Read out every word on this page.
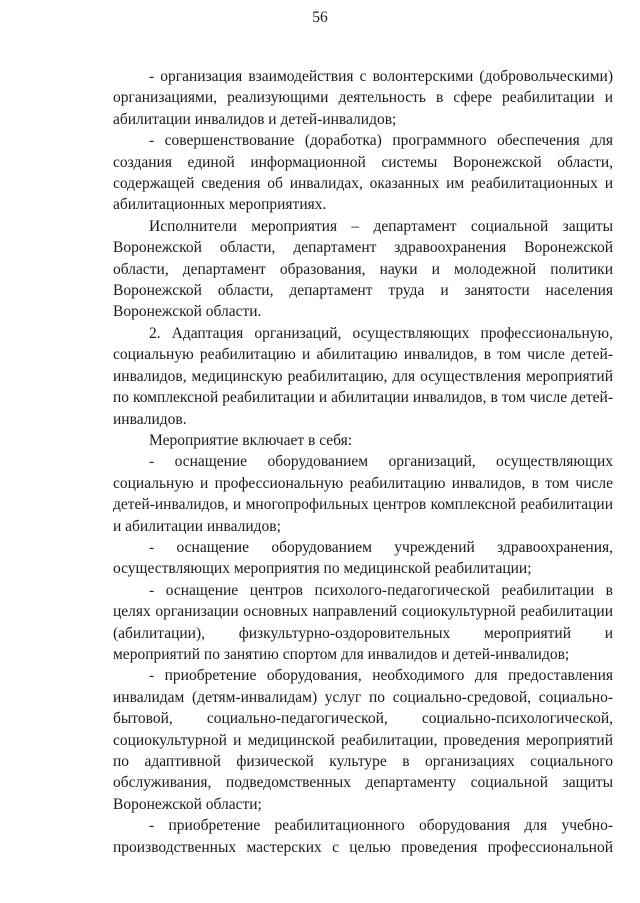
56

- организация взаимодействия с волонтерскими (добровольческими) организациями, реализующими деятельность в сфере реабилитации и абилитации инвалидов и детей-инвалидов;

- совершенствование (доработка) программного обеспечения для создания единой информационной системы Воронежской области, содержащей сведения об инвалидах, оказанных им реабилитационных и абилитационных мероприятиях.

Исполнители мероприятия – департамент социальной защиты Воронежской области, департамент здравоохранения Воронежской области, департамент образования, науки и молодежной политики Воронежской области, департамент труда и занятости населения Воронежской области.

2. Адаптация организаций, осуществляющих профессиональную, социальную реабилитацию и абилитацию инвалидов, в том числе детей-инвалидов, медицинскую реабилитацию, для осуществления мероприятий по комплексной реабилитации и абилитации инвалидов, в том числе детей-инвалидов.

Мероприятие включает в себя:

- оснащение оборудованием организаций, осуществляющих социальную и профессиональную реабилитацию инвалидов, в том числе детей-инвалидов, и многопрофильных центров комплексной реабилитации и абилитации инвалидов;

- оснащение оборудованием учреждений здравоохранения, осуществляющих мероприятия по медицинской реабилитации;

- оснащение центров психолого-педагогической реабилитации в целях организации основных направлений социокультурной реабилитации (абилитации), физкультурно-оздоровительных мероприятий и мероприятий по занятию спортом для инвалидов и детей-инвалидов;

- приобретение оборудования, необходимого для предоставления инвалидам (детям-инвалидам) услуг по социально-средовой, социально-бытовой, социально-педагогической, социально-психологической, социокультурной и медицинской реабилитации, проведения мероприятий по адаптивной физической культуре в организациях социального обслуживания, подведомственных департаменту социальной защиты Воронежской области;

- приобретение реабилитационного оборудования для учебно-производственных мастерских с целью проведения профессиональной
